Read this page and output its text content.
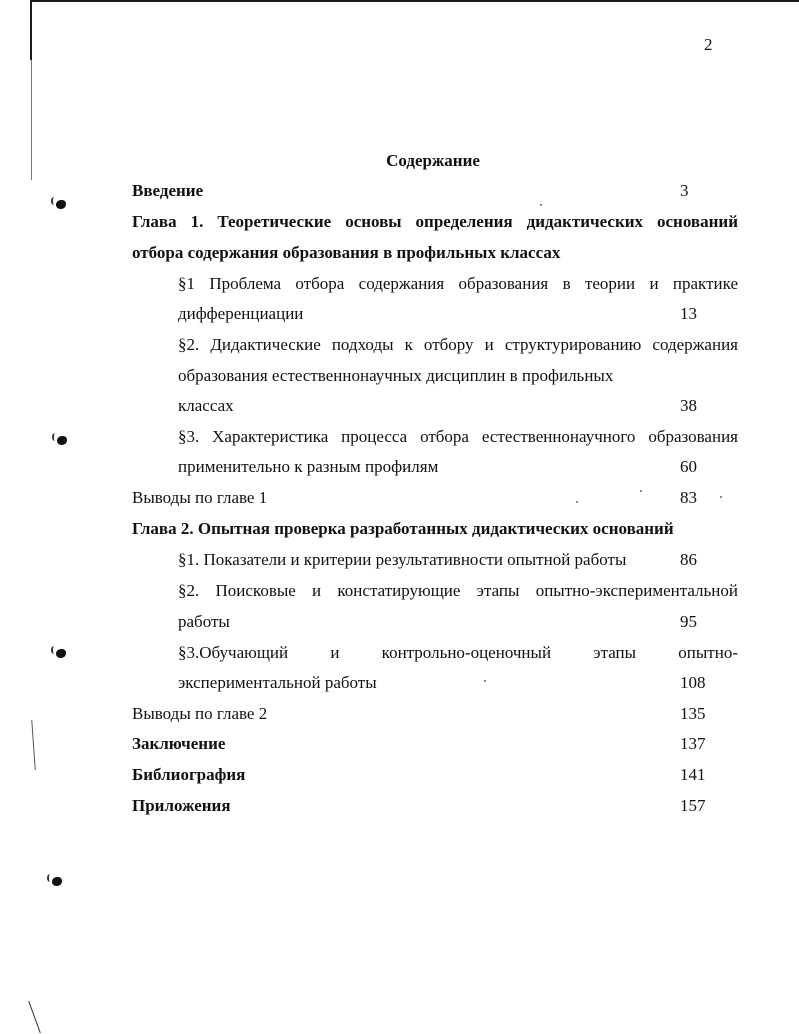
2
Содержание
Введение	3
Глава 1. Теоретические основы определения дидактических оснований
отбора содержания образования в профильных классах
§1 Проблема отбора содержания образования в теории и практике
дифференциации	13
§2. Дидактические подходы к отбору и структурированию содержания
образования естественнонаучных дисциплин в профильных
классах	38
§3. Характеристика процесса отбора естественнонаучного образования
применительно к разным профилям	60
Выводы по главе 1	83
Глава 2. Опытная проверка разработанных дидактических оснований
§1. Показатели и критерии результативности опытной работы	86
§2. Поисковые и констатирующие этапы опытно-экспериментальной
работы	95
§3.Обучающий и контрольно-оценочный этапы опытно-
экспериментальной работы	108
Выводы по главе 2	135
Заключение	137
Библиография	141
Приложения	157
